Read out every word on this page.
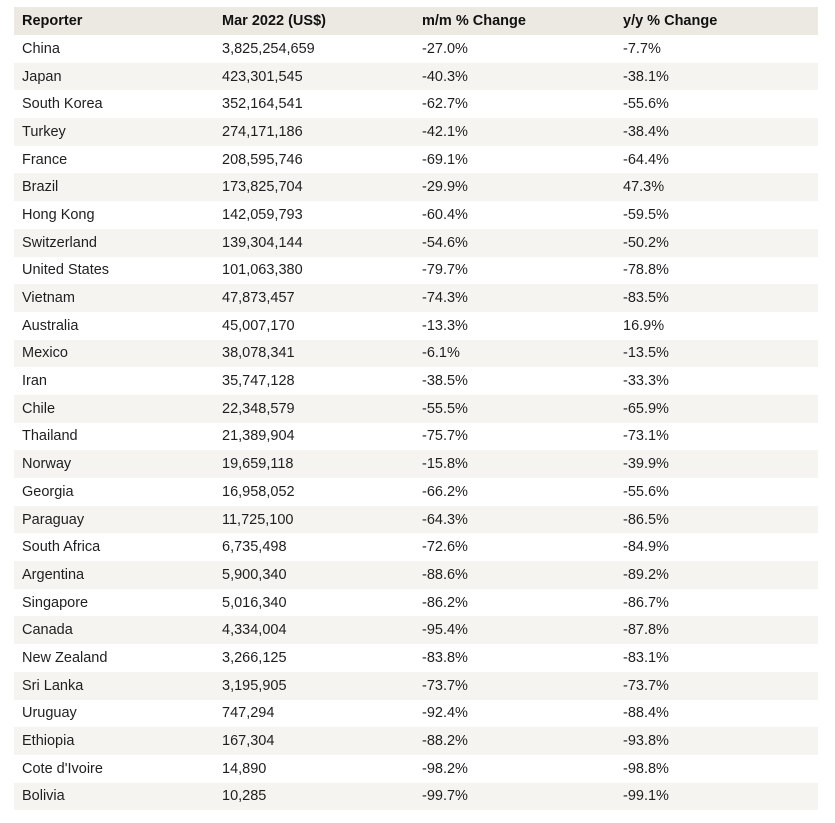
Reporter	Mar 2022 (US$)	m/m % Change	y/y % Change
China	3,825,254,659	-27.0%	-7.7%
Japan	423,301,545	-40.3%	-38.1%
South Korea	352,164,541	-62.7%	-55.6%
Turkey	274,171,186	-42.1%	-38.4%
France	208,595,746	-69.1%	-64.4%
Brazil	173,825,704	-29.9%	47.3%
Hong Kong	142,059,793	-60.4%	-59.5%
Switzerland	139,304,144	-54.6%	-50.2%
United States	101,063,380	-79.7%	-78.8%
Vietnam	47,873,457	-74.3%	-83.5%
Australia	45,007,170	-13.3%	16.9%
Mexico	38,078,341	-6.1%	-13.5%
Iran	35,747,128	-38.5%	-33.3%
Chile	22,348,579	-55.5%	-65.9%
Thailand	21,389,904	-75.7%	-73.1%
Norway	19,659,118	-15.8%	-39.9%
Georgia	16,958,052	-66.2%	-55.6%
Paraguay	11,725,100	-64.3%	-86.5%
South Africa	6,735,498	-72.6%	-84.9%
Argentina	5,900,340	-88.6%	-89.2%
Singapore	5,016,340	-86.2%	-86.7%
Canada	4,334,004	-95.4%	-87.8%
New Zealand	3,266,125	-83.8%	-83.1%
Sri Lanka	3,195,905	-73.7%	-73.7%
Uruguay	747,294	-92.4%	-88.4%
Ethiopia	167,304	-88.2%	-93.8%
Cote d'Ivoire	14,890	-98.2%	-98.8%
Bolivia	10,285	-99.7%	-99.1%
